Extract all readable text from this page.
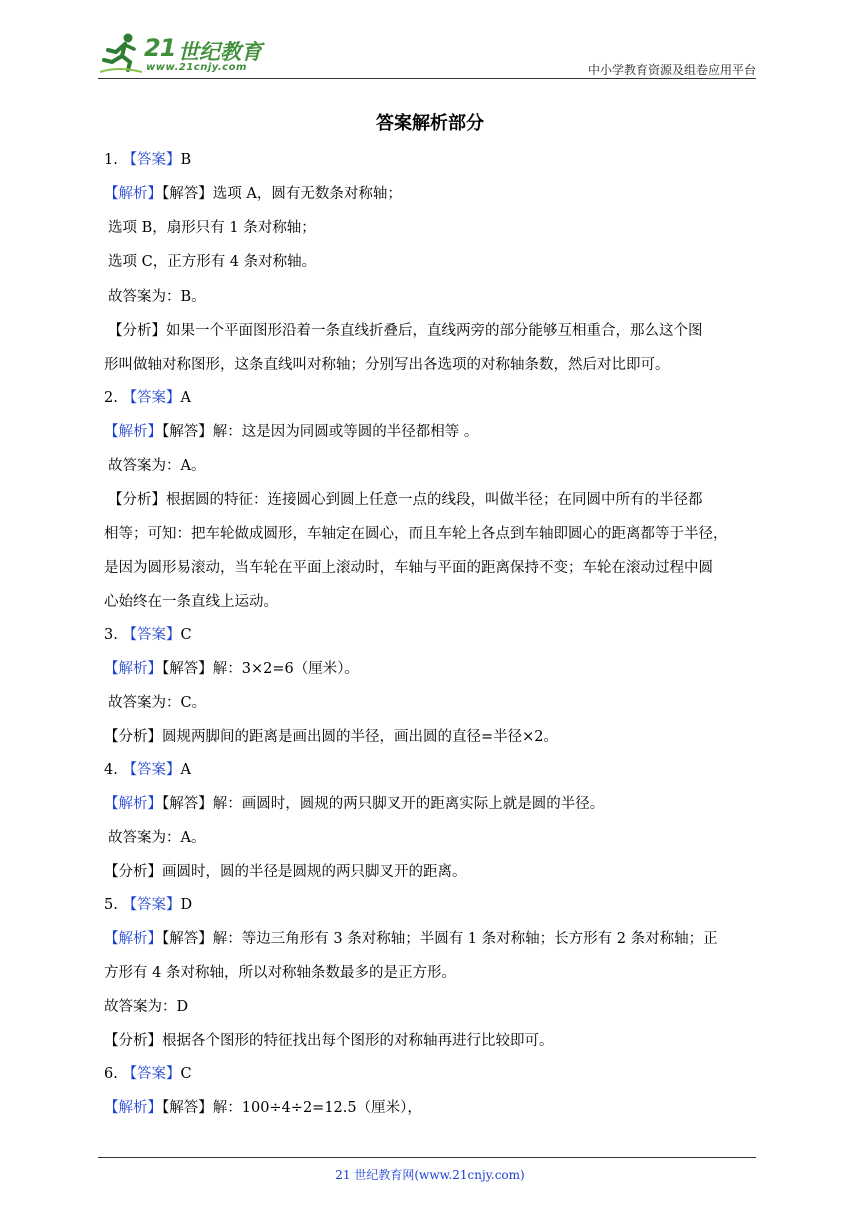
21 世纪教育
www.21cnjy.com	中小学教育资源及组卷应用平台
答案解析部分
1. 【答案】B
【解析】【解答】选项 A，圆有无数条对称轴；
选项 B，扇形只有 1 条对称轴；
选项 C，正方形有 4 条对称轴。
故答案为：B。
【分析】如果一个平面图形沿着一条直线折叠后，直线两旁的部分能够互相重合，那么这个图
形叫做轴对称图形，这条直线叫对称轴；分别写出各选项的对称轴条数，然后对比即可。
2. 【答案】A
【解析】【解答】解：这是因为同圆或等圆的半径都相等 。
故答案为：A。
【分析】根据圆的特征：连接圆心到圆上任意一点的线段，叫做半径；在同圆中所有的半径都
相等；可知：把车轮做成圆形，车轴定在圆心，而且车轮上各点到车轴即圆心的距离都等于半径，
是因为圆形易滚动，当车轮在平面上滚动时，车轴与平面的距离保持不变；车轮在滚动过程中圆
心始终在一条直线上运动。
3. 【答案】C
【解析】【解答】解：3×2=6（厘米）。
故答案为：C。
【分析】圆规两脚间的距离是画出圆的半径，画出圆的直径=半径×2。
4. 【答案】A
【解析】【解答】解：画圆时，圆规的两只脚叉开的距离实际上就是圆的半径。
故答案为：A。
【分析】画圆时，圆的半径是圆规的两只脚叉开的距离。
5. 【答案】D
【解析】【解答】解：等边三角形有 3 条对称轴；半圆有 1 条对称轴；长方形有 2 条对称轴；正
方形有 4 条对称轴，所以对称轴条数最多的是正方形。
故答案为：D
【分析】根据各个图形的特征找出每个图形的对称轴再进行比较即可。
6. 【答案】C
【解析】【解答】解：100÷4÷2=12.5（厘米），
21 世纪教育网(www.21cnjy.com)
